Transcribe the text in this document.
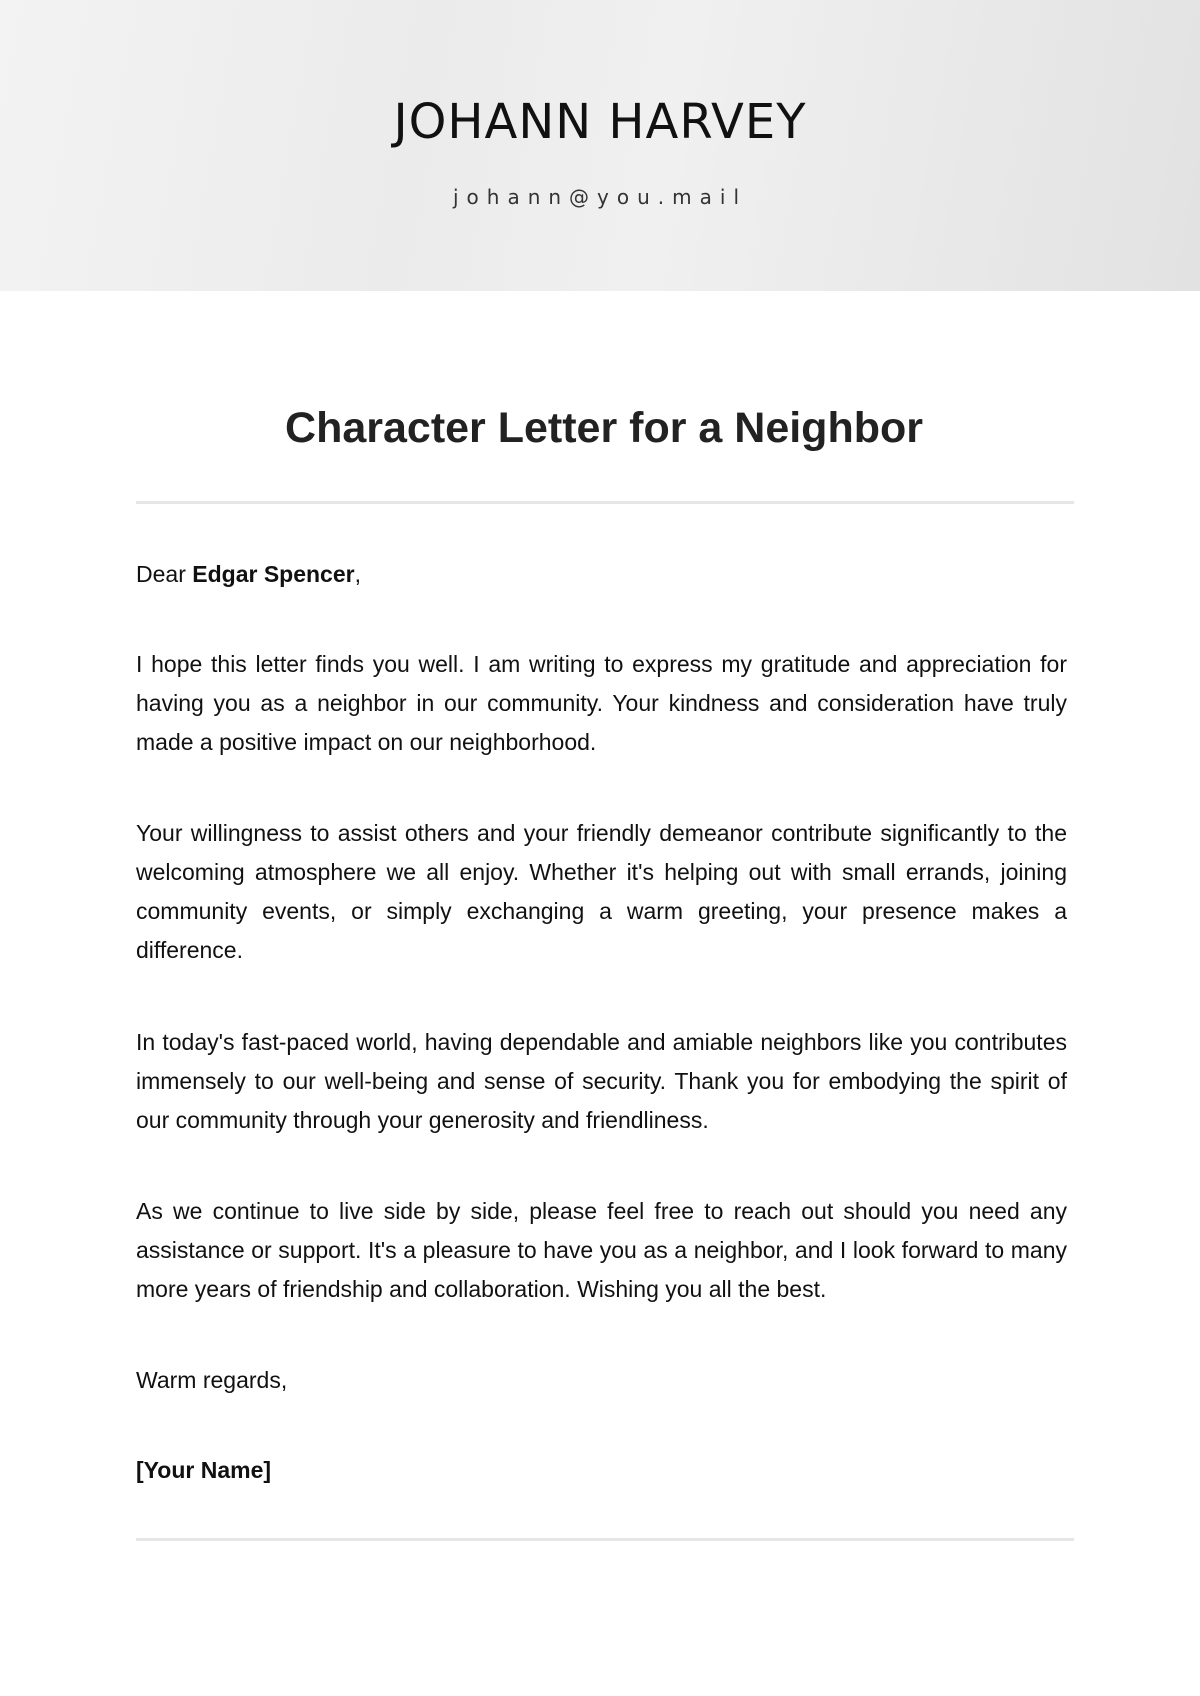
JOHANN HARVEY
johann@you.mail
Character Letter for a Neighbor
Dear Edgar Spencer,
I hope this letter finds you well. I am writing to express my gratitude and appreciation for having you as a neighbor in our community. Your kindness and consideration have truly made a positive impact on our neighborhood.
Your willingness to assist others and your friendly demeanor contribute significantly to the welcoming atmosphere we all enjoy. Whether it's helping out with small errands, joining community events, or simply exchanging a warm greeting, your presence makes a difference.
In today's fast-paced world, having dependable and amiable neighbors like you contributes immensely to our well-being and sense of security. Thank you for embodying the spirit of our community through your generosity and friendliness.
As we continue to live side by side, please feel free to reach out should you need any assistance or support. It's a pleasure to have you as a neighbor, and I look forward to many more years of friendship and collaboration. Wishing you all the best.
Warm regards,
[Your Name]
